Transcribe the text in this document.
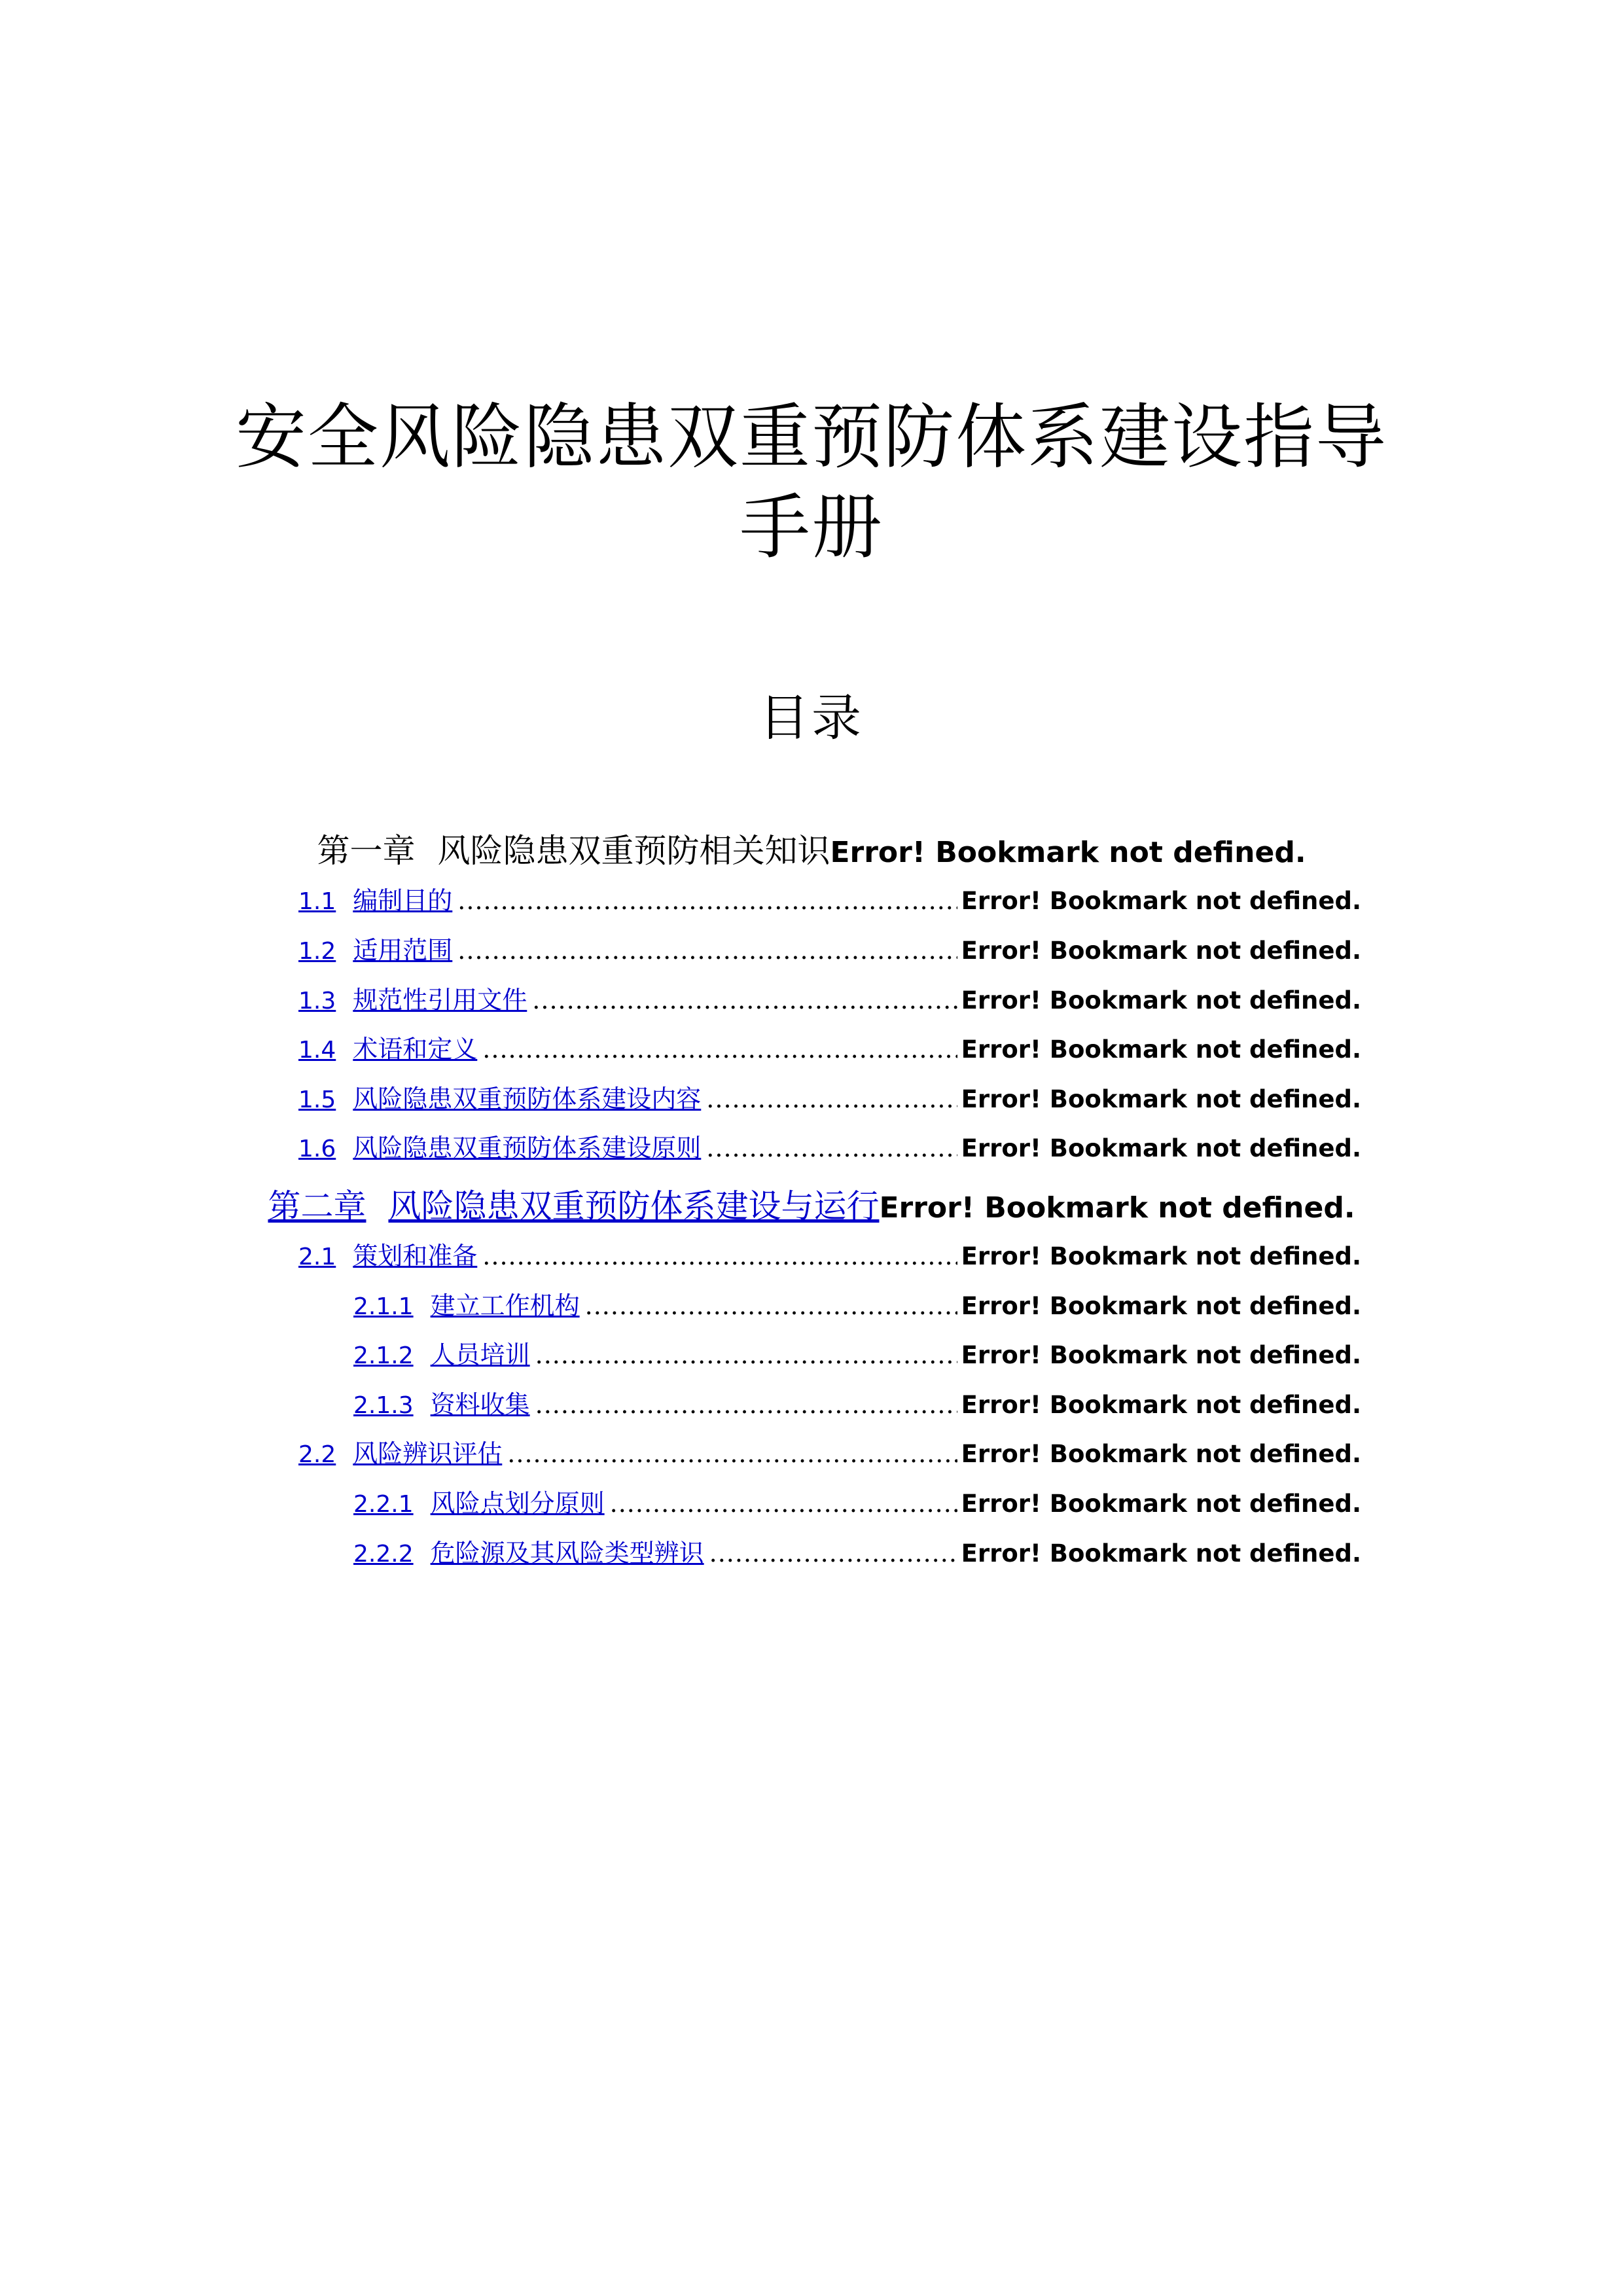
安全风险隐患双重预防体系建设指导手册
目录
第一章 风险隐患双重预防相关知识Error! Bookmark not defined.
1.1 编制目的 .....	Error! Bookmark not defined.
1.2 适用范围 .....	Error! Bookmark not defined.
1.3 规范性引用文件 .....	Error! Bookmark not defined.
1.4 术语和定义 .....	Error! Bookmark not defined.
1.5 风险隐患双重预防体系建设内容 .....	Error! Bookmark not defined.
1.6 风险隐患双重预防体系建设原则 .....	Error! Bookmark not defined.
第二章 风险隐患双重预防体系建设与运行Error! Bookmark not defined.
2.1 策划和准备 .....	Error! Bookmark not defined.
2.1.1 建立工作机构 .....	Error! Bookmark not defined.
2.1.2 人员培训 .....	Error! Bookmark not defined.
2.1.3 资料收集 .....	Error! Bookmark not defined.
2.2 风险辨识评估 .....	Error! Bookmark not defined.
2.2.1 风险点划分原则 .....	Error! Bookmark not defined.
2.2.2 危险源及其风险类型辨识 .....	Error! Bookmark not defined.
